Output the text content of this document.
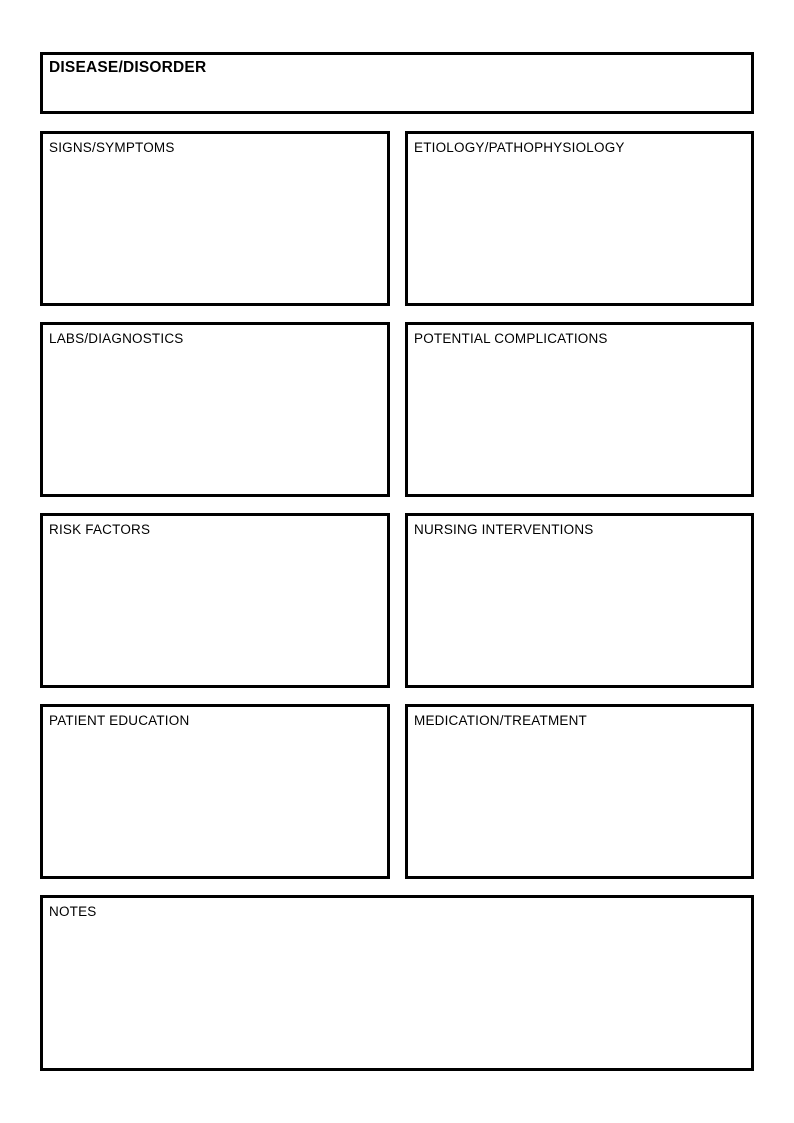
DISEASE/DISORDER
SIGNS/SYMPTOMS	ETIOLOGY/PATHOPHYSIOLOGY
LABS/DIAGNOSTICS	POTENTIAL COMPLICATIONS
RISK FACTORS	NURSING INTERVENTIONS
PATIENT EDUCATION	MEDICATION/TREATMENT
NOTES
